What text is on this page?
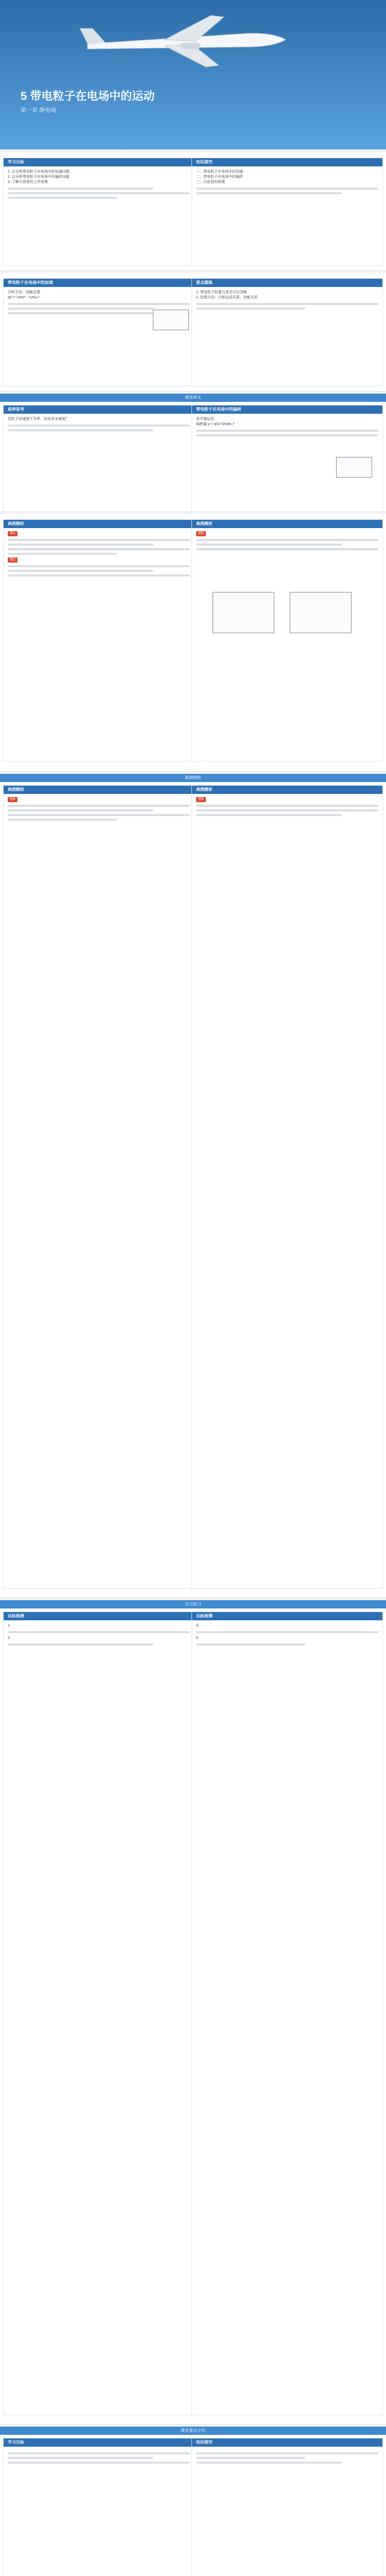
5 带电粒子在电场中的运动
第一章 静电场
学习目标
1. 会分析带电粒子在电场中的加速问题
2. 会分析带电粒子在电场中的偏转问题
3. 了解示波管的工作原理
知识探究
一、带电粒子在电场中的加速
二、带电粒子在电场中的偏转
三、示波管的原理
带电粒子在电场中的加速
分析方法：动能定理
qU = ½mv² - ½mv₀²
要点提炼
1. 带电粒子的重力是否可以忽略
2. 处理方法：力和运动关系、功能关系
课堂讲义
延伸思考
若粒子初速度不为零，如何求末速度？
带电粒子在电场中的偏转
类平抛运动
偏移量 y = qUL²/2mdv₀²
典例精析
例1
例2
典例精析
例3
典例精析
典例精析
例4
典例精析
例5
对点练习
达标检测
1.
2.
达标检测
3.
4.
课堂要点小结
学习目标	知识探究
